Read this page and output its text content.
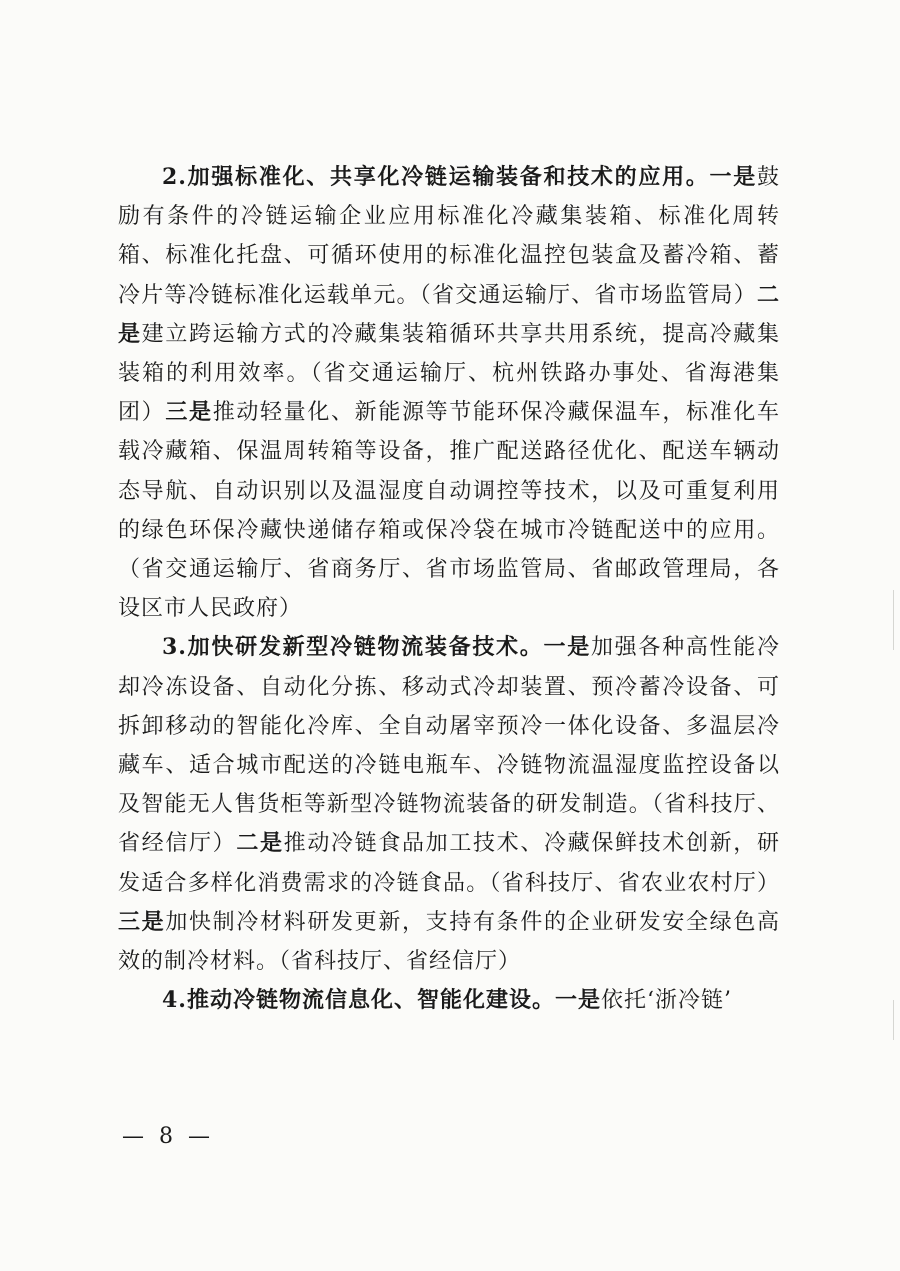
2.加强标准化、共享化冷链运输装备和技术的应用。一是鼓励有条件的冷链运输企业应用标准化冷藏集装箱、标准化周转箱、标准化托盘、可循环使用的标准化温控包装盒及蓄冷箱、蓄冷片等冷链标准化运载单元。（省交通运输厅、省市场监管局）二是建立跨运输方式的冷藏集装箱循环共享共用系统，提高冷藏集装箱的利用效率。（省交通运输厅、杭州铁路办事处、省海港集团）三是推动轻量化、新能源等节能环保冷藏保温车，标准化车载冷藏箱、保温周转箱等设备，推广配送路径优化、配送车辆动态导航、自动识别以及温湿度自动调控等技术，以及可重复利用的绿色环保冷藏快递储存箱或保冷袋在城市冷链配送中的应用。（省交通运输厅、省商务厅、省市场监管局、省邮政管理局，各设区市人民政府）

3.加快研发新型冷链物流装备技术。一是加强各种高性能冷却冷冻设备、自动化分拣、移动式冷却装置、预冷蓄冷设备、可拆卸移动的智能化冷库、全自动屠宰预冷一体化设备、多温层冷藏车、适合城市配送的冷链电瓶车、冷链物流温湿度监控设备以及智能无人售货柜等新型冷链物流装备的研发制造。（省科技厅、省经信厅）二是推动冷链食品加工技术、冷藏保鲜技术创新，研发适合多样化消费需求的冷链食品。（省科技厅、省农业农村厅）三是加快制冷材料研发更新，支持有条件的企业研发安全绿色高效的制冷材料。（省科技厅、省经信厅）

4.推动冷链物流信息化、智能化建设。一是依托‘浙冷链’

— 8 —
